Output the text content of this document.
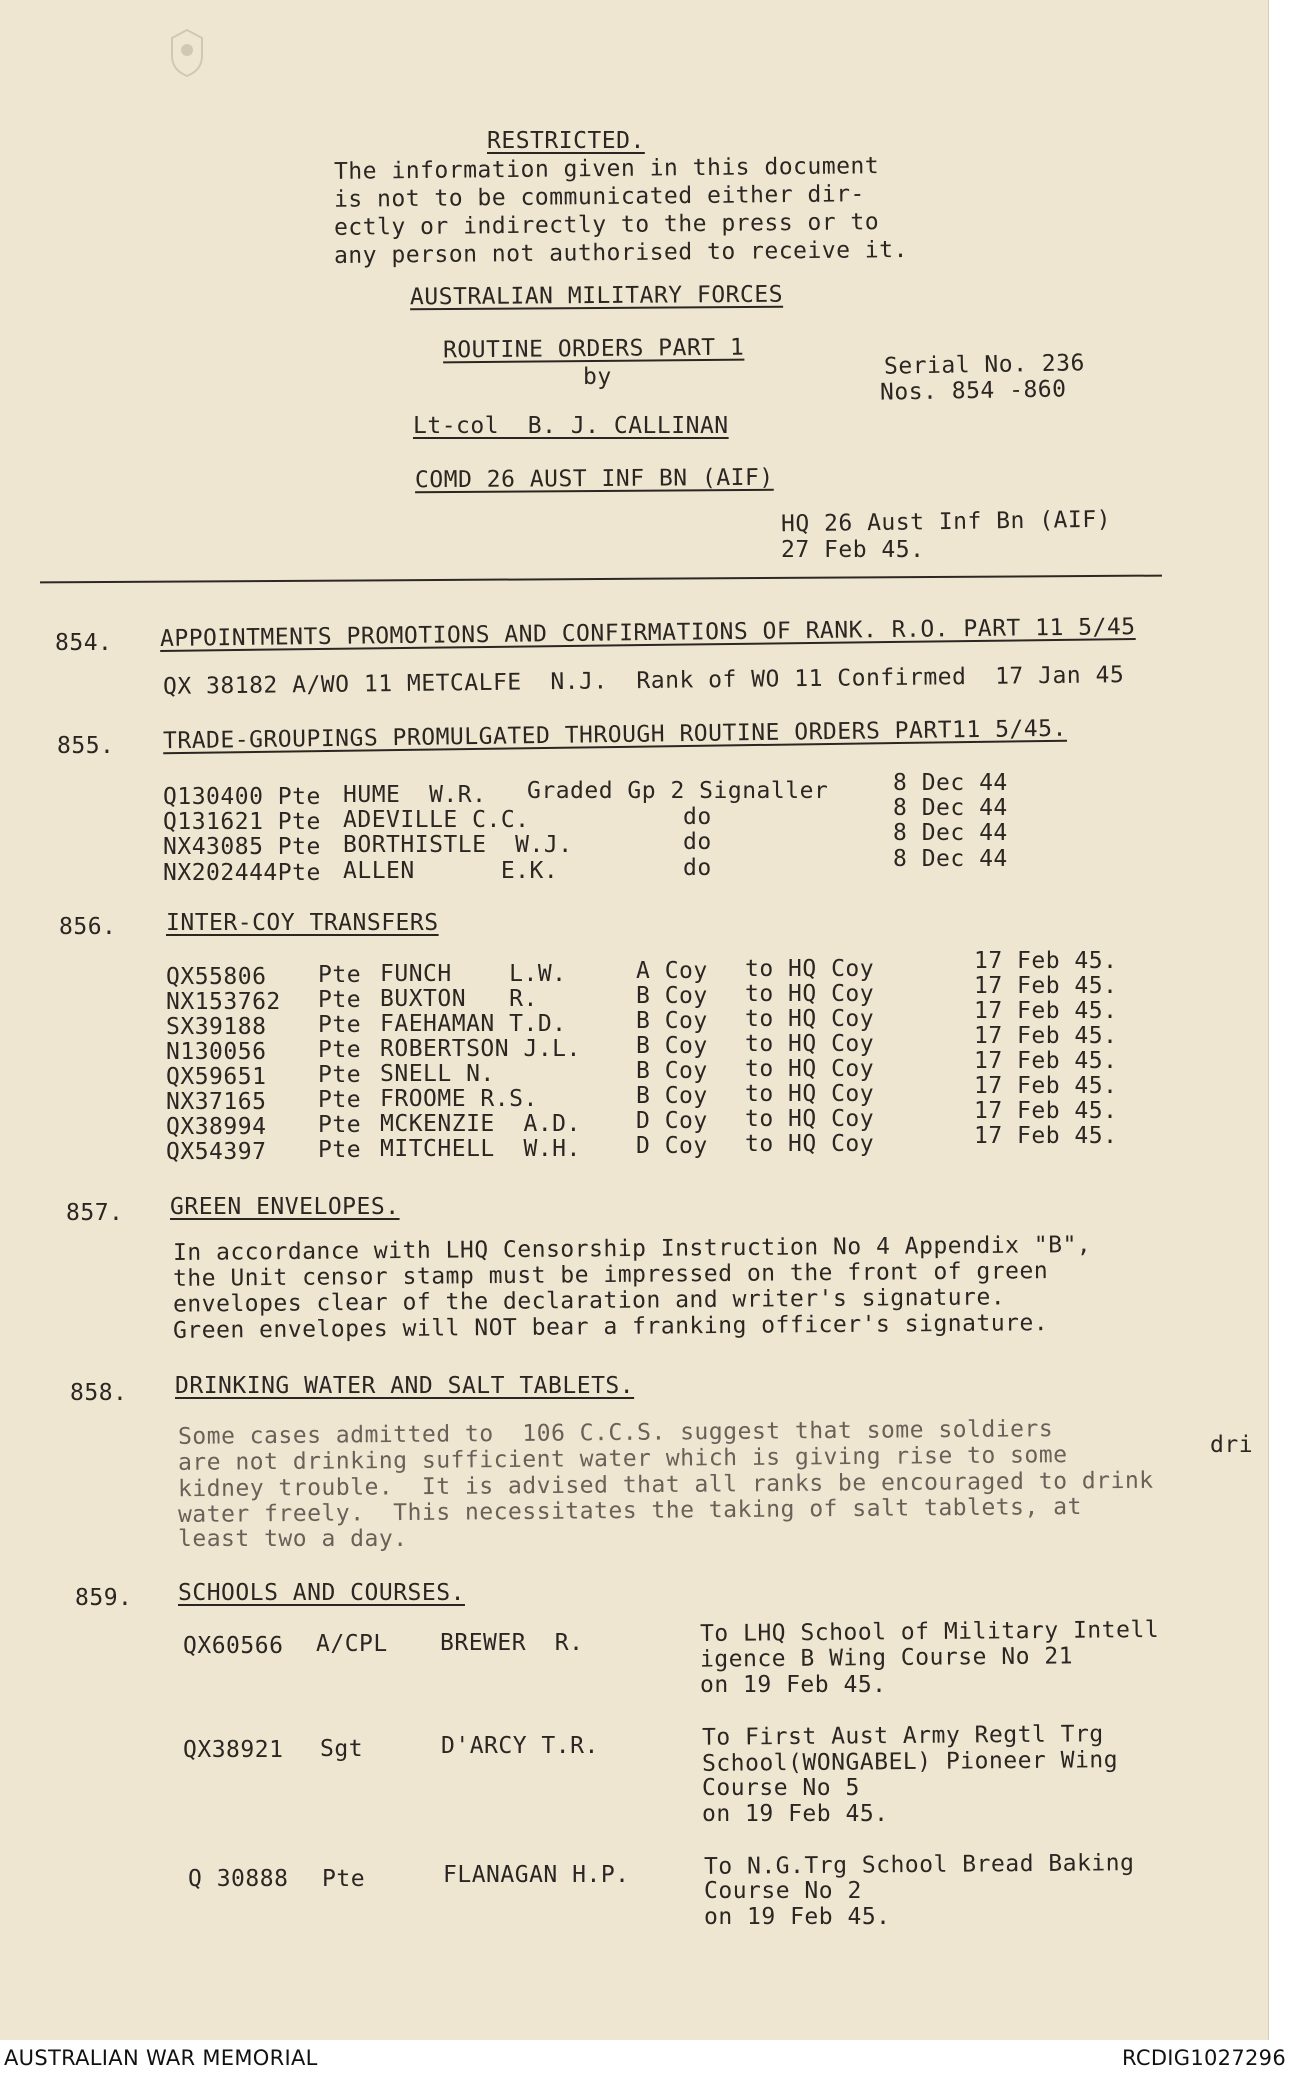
RESTRICTED.
The information given in this document
is not to be communicated either dir-
ectly or indirectly to the press or to
any person not authorised to receive it.
AUSTRALIAN MILITARY FORCES
ROUTINE ORDERS PART 1
by
Lt-col  B. J. CALLINAN
COMD 26 AUST INF BN (AIF)
Serial No. 236
Nos. 854 -860
HQ 26 Aust Inf Bn (AIF)
27 Feb 45.
854. APPOINTMENTS PROMOTIONS AND CONFIRMATIONS OF RANK. R.O. PART 11 5/45
QX 38182 A/WO 11 METCALFE  N.J.  Rank of WO 11 Confirmed  17 Jan 45
855. TRADE-GROUPINGS PROMULGATED THROUGH ROUTINE ORDERS PART11 5/45.
Q130400 Pte HUME  W.R. Graded Gp 2 Signaller	8 Dec 44
Q131621 Pte ADEVILLE C.C.	do	8 Dec 44
NX43085 Pte BORTHISTLE  W.J.	do	8 Dec 44
NX202444Pte ALLEN      E.K.	do	8 Dec 44
856. INTER-COY TRANSFERS
QX55806 Pte FUNCH    L.W.	A Coy to HQ Coy	17 Feb 45.
NX153762 Pte BUXTON   R.	B Coy to HQ Coy	17 Feb 45.
SX39188 Pte FAEHAMAN T.D.	B Coy to HQ Coy	17 Feb 45.
N130056 Pte ROBERTSON J.L. B Coy to HQ Coy	17 Feb 45.
QX59651 Pte SNELL N.	B Coy to HQ Coy	17 Feb 45.
NX37165 Pte FROOME R.S.	B Coy to HQ Coy	17 Feb 45.
QX38994 Pte MCKENZIE  A.D. D Coy to HQ Coy	17 Feb 45.
QX54397 Pte MITCHELL  W.H. D Coy to HQ Coy	17 Feb 45.
857. GREEN ENVELOPES.
In accordance with LHQ Censorship Instruction No 4 Appendix "B",
the Unit censor stamp must be impressed on the front of green
envelopes clear of the declaration and writer's signature.
Green envelopes will NOT bear a franking officer's signature.
858. DRINKING WATER AND SALT TABLETS.
Some cases admitted to  106 C.C.S. suggest that some soldiers
are not drinking sufficient water which is giving rise to some
kidney trouble.  It is advised that all ranks be encouraged to drink
water freely.  This necessitates the taking of salt tablets, at
least two a day.
dri
859. SCHOOLS AND COURSES.
QX60566 A/CPL BREWER  R.	To LHQ School of Military Intell
igence B Wing Course No 21
on 19 Feb 45.
QX38921 Sgt	D'ARCY T.R.	To First Aust Army Regtl Trg
School(WONGABEL) Pioneer Wing
Course No 5
on 19 Feb 45.
Q 30888 Pte	FLANAGAN H.P.	To N.G.Trg School Bread Baking
Course No 2
on 19 Feb 45.
AUSTRALIAN WAR MEMORIAL	RCDIG1027296
